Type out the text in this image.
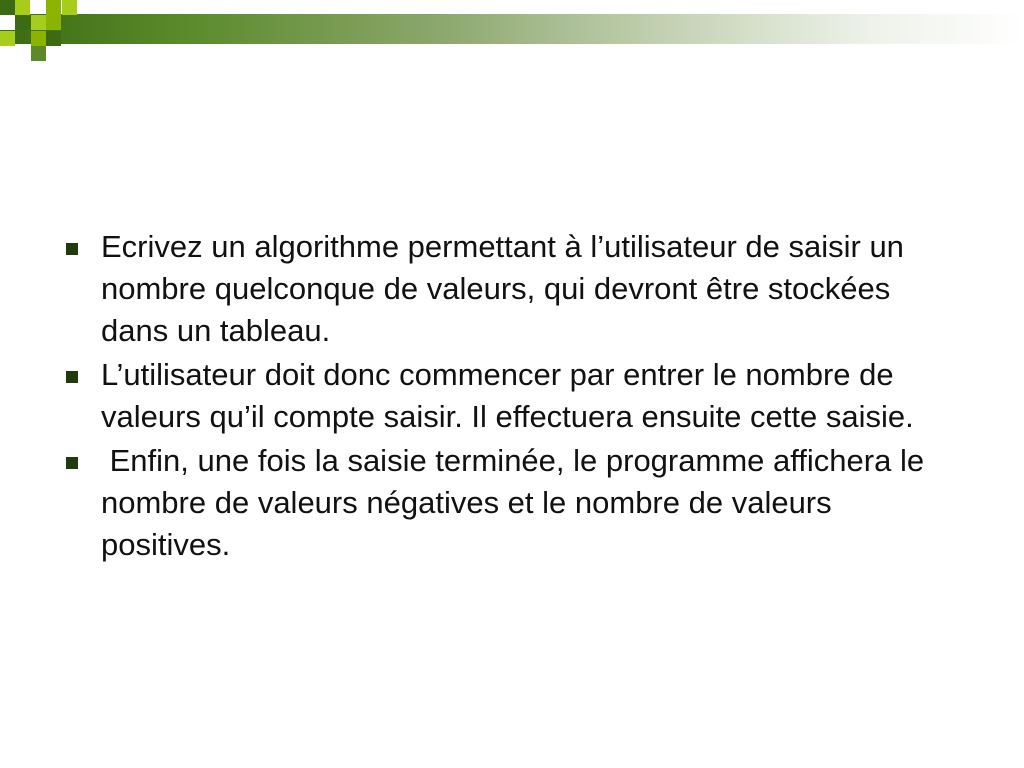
Ecrivez un algorithme permettant à l’utilisateur de saisir un nombre quelconque de valeurs, qui devront être stockées dans un tableau.
L’utilisateur doit donc commencer par entrer le nombre de valeurs qu’il compte saisir. Il effectuera ensuite cette saisie.
Enfin, une fois la saisie terminée, le programme affichera le nombre de valeurs négatives et le nombre de valeurs positives.
